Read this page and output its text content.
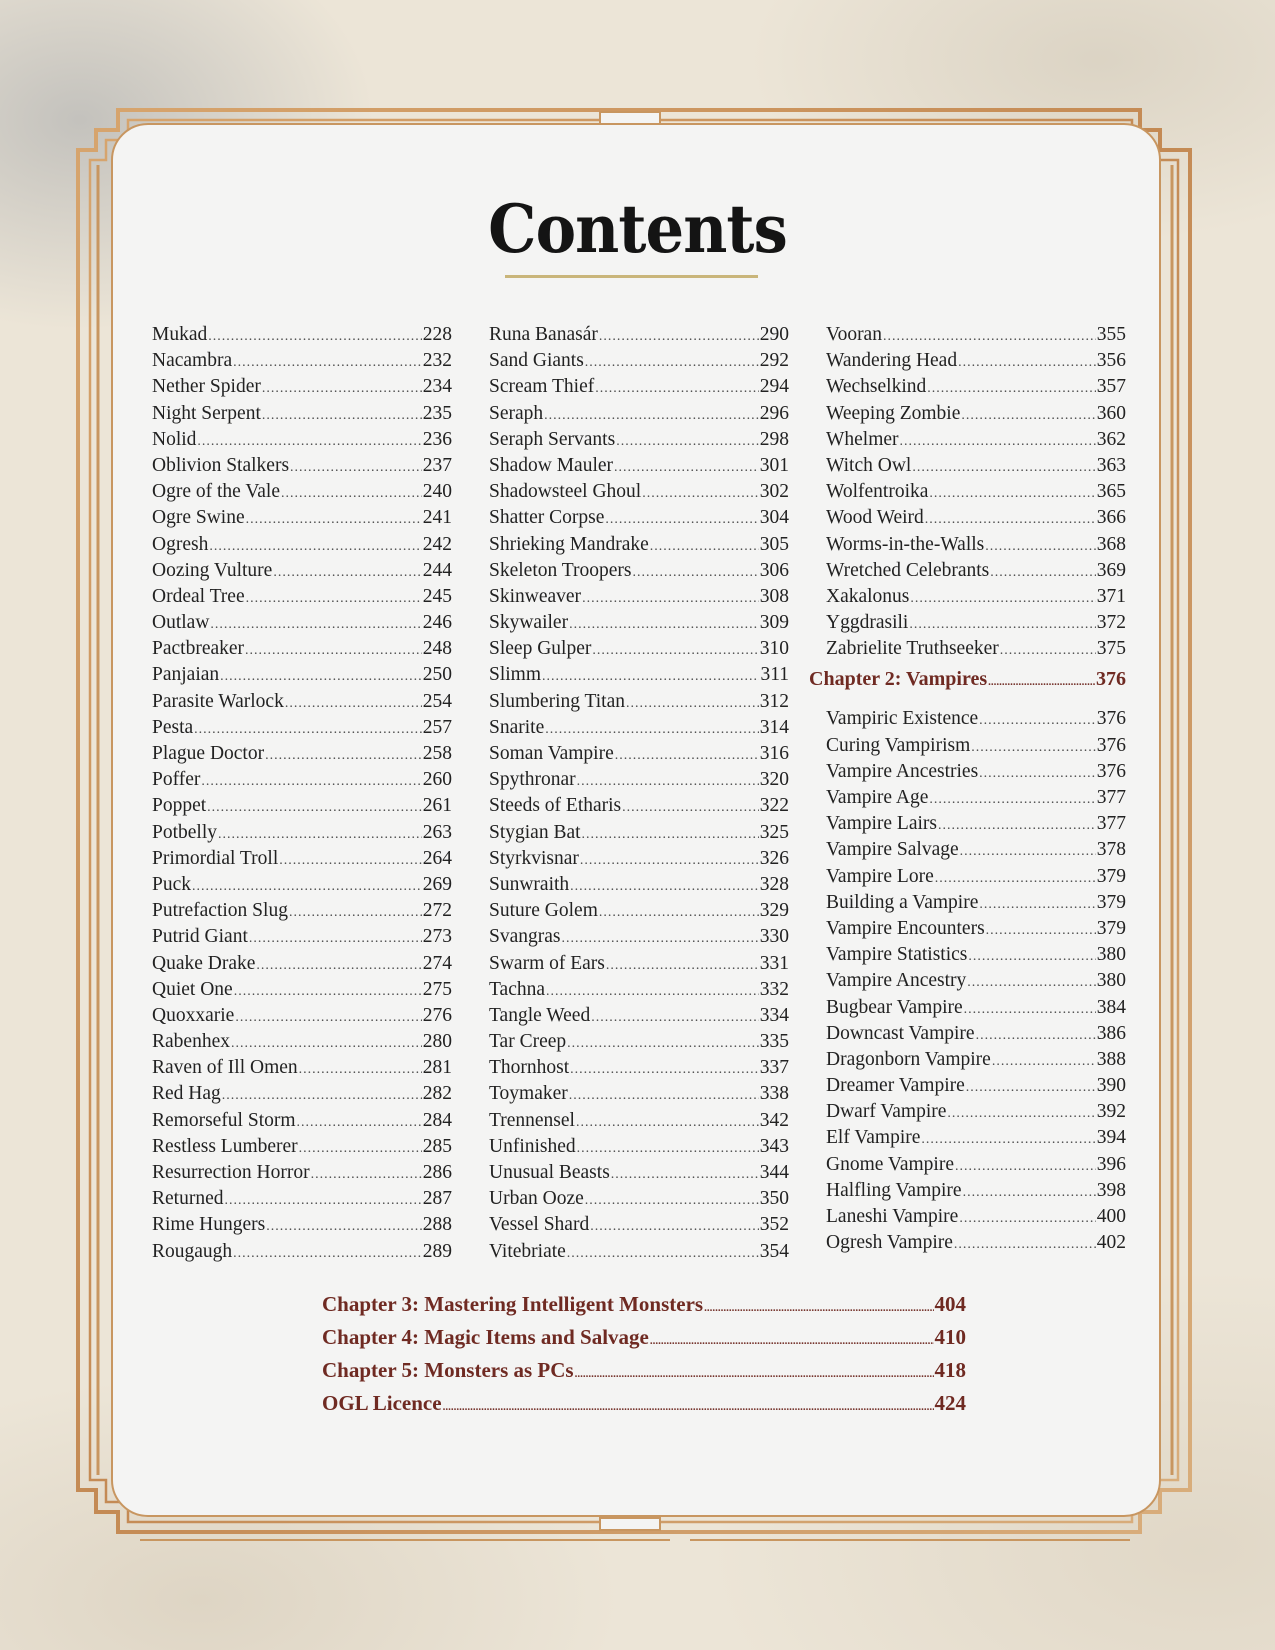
Contents
Mukad .....	228
Nacambra .....	232
Nether Spider .....	234
Night Serpent .....	235
Nolid .....	236
Oblivion Stalkers .....	237
Ogre of the Vale .....	240
Ogre Swine .....	241
Ogresh .....	242
Oozing Vulture .....	244
Ordeal Tree .....	245
Outlaw .....	246
Pactbreaker .....	248
Panjaian .....	250
Parasite Warlock .....	254
Pesta .....	257
Plague Doctor .....	258
Poffer .....	260
Poppet .....	261
Potbelly .....	263
Primordial Troll .....	264
Puck .....	269
Putrefaction Slug .....	272
Putrid Giant .....	273
Quake Drake .....	274
Quiet One .....	275
Quoxxarie .....	276
Rabenhex .....	280
Raven of Ill Omen .....	281
Red Hag .....	282
Remorseful Storm .....	284
Restless Lumberer .....	285
Resurrection Horror .....	286
Returned .....	287
Rime Hungers .....	288
Rougaugh .....	289
Runa Banasár .....	290
Sand Giants .....	292
Scream Thief .....	294
Seraph .....	296
Seraph Servants .....	298
Shadow Mauler .....	301
Shadowsteel Ghoul .....	302
Shatter Corpse .....	304
Shrieking Mandrake .....	305
Skeleton Troopers .....	306
Skinweaver .....	308
Skywailer .....	309
Sleep Gulper .....	310
Slimm .....	311
Slumbering Titan .....	312
Snarite .....	314
Soman Vampire .....	316
Spythronar .....	320
Steeds of Etharis .....	322
Stygian Bat .....	325
Styrkvisnar .....	326
Sunwraith .....	328
Suture Golem .....	329
Svangras .....	330
Swarm of Ears .....	331
Tachna .....	332
Tangle Weed .....	334
Tar Creep .....	335
Thornhost .....	337
Toymaker .....	338
Trennensel .....	342
Unfinished .....	343
Unusual Beasts .....	344
Urban Ooze .....	350
Vessel Shard .....	352
Vitebriate .....	354
Vooran .....	355
Wandering Head .....	356
Wechselkind .....	357
Weeping Zombie .....	360
Whelmer .....	362
Witch Owl .....	363
Wolfentroika .....	365
Wood Weird .....	366
Worms-in-the-Walls .....	368
Wretched Celebrants .....	369
Xakalonus .....	371
Yggdrasili .....	372
Zabrielite Truthseeker .....	375
Chapter 2: Vampires .....	376
Vampiric Existence .....	376
Curing Vampirism .....	376
Vampire Ancestries .....	376
Vampire Age .....	377
Vampire Lairs .....	377
Vampire Salvage .....	378
Vampire Lore .....	379
Building a Vampire .....	379
Vampire Encounters .....	379
Vampire Statistics .....	380
Vampire Ancestry .....	380
Bugbear Vampire .....	384
Downcast Vampire .....	386
Dragonborn Vampire .....	388
Dreamer Vampire .....	390
Dwarf Vampire .....	392
Elf Vampire .....	394
Gnome Vampire .....	396
Halfling Vampire .....	398
Laneshi Vampire .....	400
Ogresh Vampire .....	402
Chapter 3: Mastering Intelligent Monsters .....	404
Chapter 4: Magic Items and Salvage .....	410
Chapter 5: Monsters as PCs .....	418
OGL Licence .....	424
